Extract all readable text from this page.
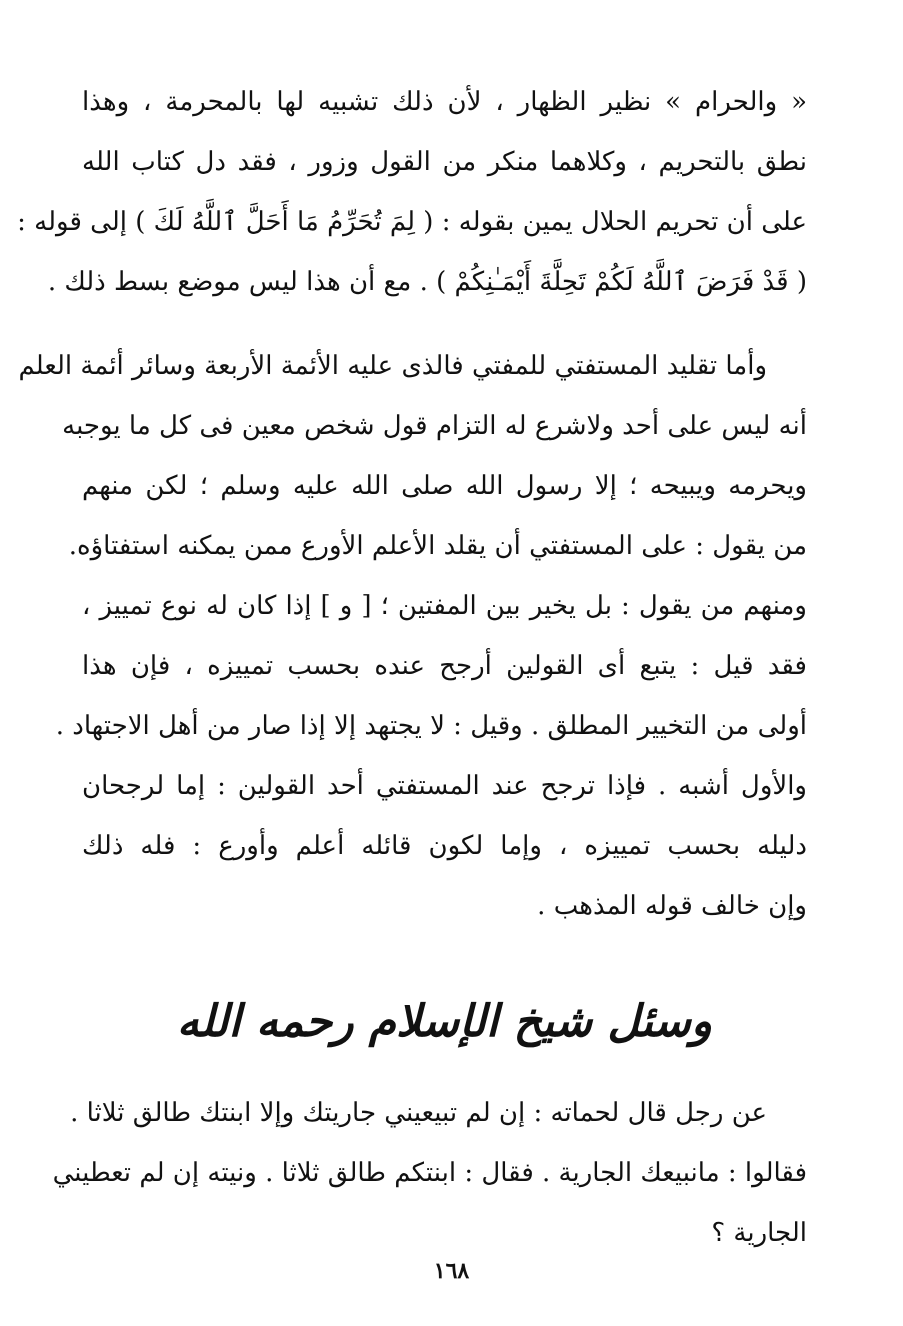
« والحرام » نظير الظهار ، لأن ذلك تشبيه لها بالمحرمة ، وهذا

نطق بالتحريم ، وكلاهما منكر من القول وزور ، فقد دل كتاب الله

على أن تحريم الحلال يمين بقوله : ( لِمَ تُحَرِّمُ مَا أَحَلَّ ٱللَّهُ لَكَ ) إلى قوله :

( قَدْ فَرَضَ ٱللَّهُ لَكُمْ تَحِلَّةَ أَيْمَـٰنِكُمْ ) . مع أن هذا ليس موضع بسط ذلك .

وأما تقليد المستفتي للمفتي فالذى عليه الأئمة الأربعة وسائر أئمة العلم

أنه ليس على أحد ولاشرع له التزام قول شخص معين فى كل ما يوجبه

ويحرمه ويبيحه ؛ إلا رسول الله صلى الله عليه وسلم ؛ لكن منهم

من يقول : على المستفتي أن يقلد الأعلم الأورع ممن يمكنه استفتاؤه.

ومنهم من يقول : بل يخير بين المفتين ؛ [ و ] إذا كان له نوع تمييز ،

فقد قيل : يتبع أى القولين أرجح عنده بحسب تمييزه ، فإن هذا

أولى من التخيير المطلق . وقيل : لا يجتهد إلا إذا صار من أهل الاجتهاد .

والأول أشبه . فإذا ترجح عند المستفتي أحد القولين : إما لرجحان

دليله بحسب تمييزه ، وإما لكون قائله أعلم وأورع : فله ذلك

وإن خالف قوله المذهب .

وسئل شيخ الإسلام رحمه الله

عن رجل قال لحماته : إن لم تبيعيني جاريتك وإلا ابنتك طالق ثلاثا .

فقالوا : مانبيعك الجارية . فقال : ابنتكم طالق ثلاثا . ونيته إن لم تعطيني

الجارية ؟

١٦٨
